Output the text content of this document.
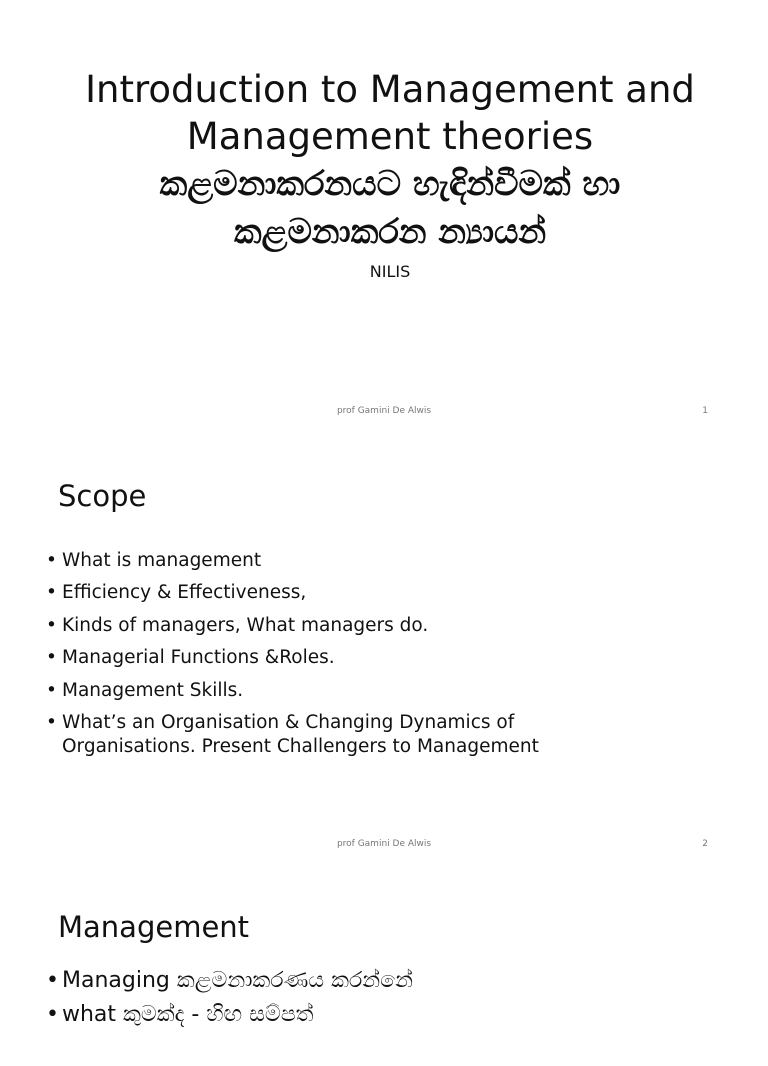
Introduction to Management and
Management theories
කළමනාකරනයට හැඳින්වීමක් හා
කළමනාකරන න්‍යායන්
NILIS
prof Gamini De Alwis	1
Scope
• What is management
• Efficiency & Effectiveness,
• Kinds of managers, What managers do.
• Managerial Functions &Roles.
• Management Skills.
• What’s an Organisation & Changing Dynamics of
Organisations. Present Challengers to Management
prof Gamini De Alwis	2
Management
• Managing කළමනාකරණය කරන්නේ
• what කුමක්ද - හිඟ සම්පත්
